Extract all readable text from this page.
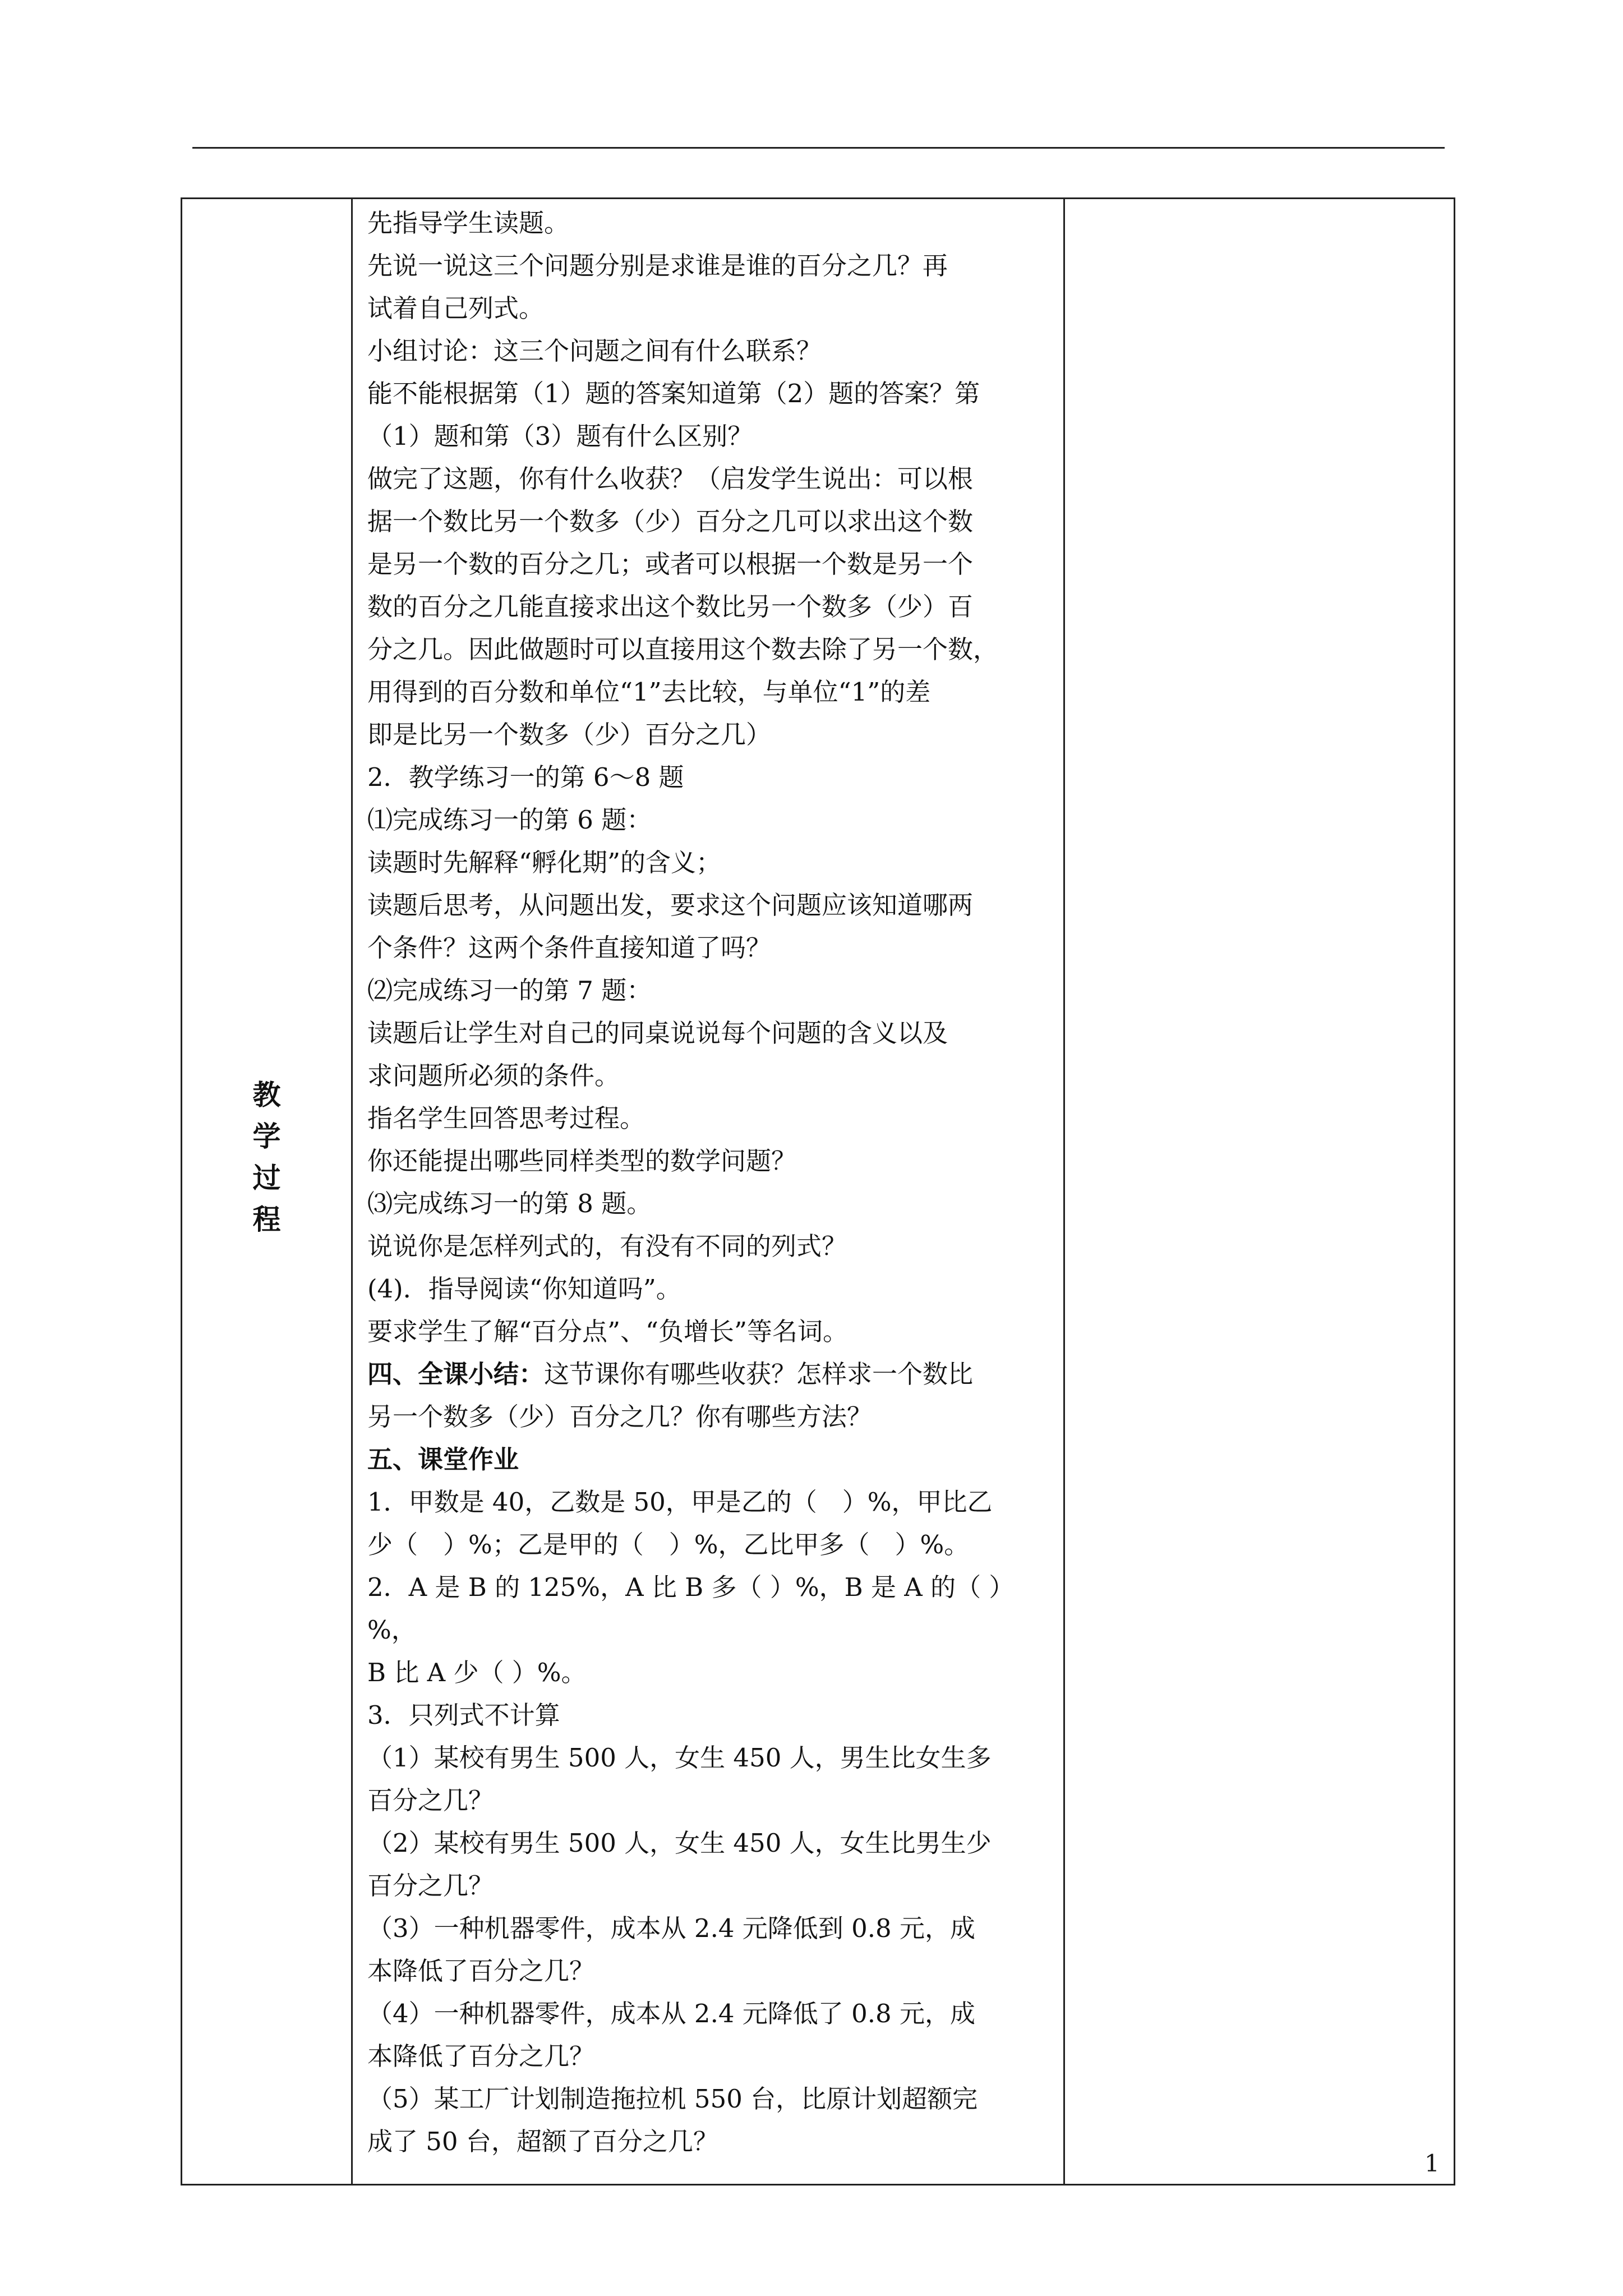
教
学
过
程

先指导学生读题。

先说一说这三个问题分别是求谁是谁的百分之几？再

试着自己列式。

小组讨论：这三个问题之间有什么联系？

能不能根据第（1）题的答案知道第（2）题的答案？第

（1）题和第（3）题有什么区别？

做完了这题，你有什么收获？（启发学生说出：可以根

据一个数比另一个数多（少）百分之几可以求出这个数

是另一个数的百分之几；或者可以根据一个数是另一个

数的百分之几能直接求出这个数比另一个数多（少）百

分之几。因此做题时可以直接用这个数去除了另一个数，

用得到的百分数和单位“1”去比较，与单位“1”的差

即是比另一个数多（少）百分之几）

2．教学练习一的第 6～8 题

⑴完成练习一的第 6 题：

读题时先解释“孵化期”的含义；

读题后思考，从问题出发，要求这个问题应该知道哪两

个条件？这两个条件直接知道了吗？

⑵完成练习一的第 7 题：

读题后让学生对自己的同桌说说每个问题的含义以及

求问题所必须的条件。

指名学生回答思考过程。

你还能提出哪些同样类型的数学问题？

⑶完成练习一的第 8 题。

说说你是怎样列式的，有没有不同的列式？

(4)．指导阅读“你知道吗”。

要求学生了解“百分点”、“负增长”等名词。

四、全课小结：这节课你有哪些收获？怎样求一个数比

另一个数多（少）百分之几？你有哪些方法？

五、课堂作业

1．甲数是 40，乙数是 50，甲是乙的（　）%，甲比乙

少（　）%；乙是甲的（　）%，乙比甲多（　）%。

2．A 是 B 的 125%，A 比 B 多（ ）%，B 是 A 的（ ）%，

B 比 A 少（ ）%。

3．只列式不计算

（1）某校有男生 500 人，女生 450 人，男生比女生多

百分之几？

（2）某校有男生 500 人，女生 450 人，女生比男生少

百分之几？

（3）一种机器零件，成本从 2.4 元降低到 0.8 元，成

本降低了百分之几？

（4）一种机器零件，成本从 2.4 元降低了 0.8 元，成

本降低了百分之几？

（5）某工厂计划制造拖拉机 550 台，比原计划超额完

成了 50 台，超额了百分之几？

1
